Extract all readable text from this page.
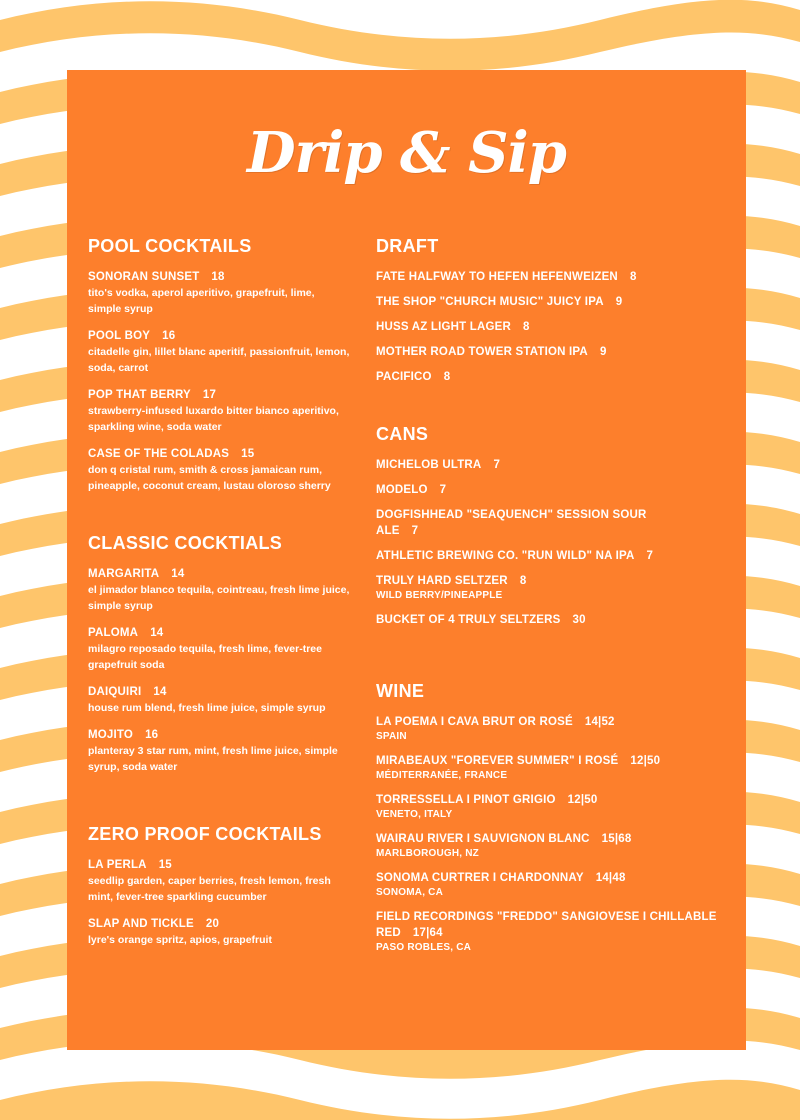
Drip & Sip
POOL COCKTAILS
SONORAN SUNSET 18
tito's vodka, aperol aperitivo, grapefruit, lime, simple syrup
POOL BOY 16
citadelle gin, lillet blanc aperitif, passionfruit, lemon, soda, carrot
POP THAT BERRY 17
strawberry-infused luxardo bitter bianco aperitivo, sparkling wine, soda water
CASE OF THE COLADAS 15
don q cristal rum, smith & cross jamaican rum, pineapple, coconut cream, lustau oloroso sherry
CLASSIC COCKTIALS
MARGARITA 14
el jimador blanco tequila, cointreau, fresh lime juice, simple syrup
PALOMA 14
milagro reposado tequila, fresh lime, fever-tree grapefruit soda
DAIQUIRI 14
house rum blend, fresh lime juice, simple syrup
MOJITO 16
planteray 3 star rum, mint, fresh lime juice, simple syrup, soda water
ZERO PROOF COCKTAILS
LA PERLA 15
seedlip garden, caper berries, fresh lemon, fresh mint, fever-tree sparkling cucumber
SLAP AND TICKLE 20
lyre's orange spritz, apios, grapefruit
DRAFT
FATE HALFWAY TO HEFEN HEFENWEIZEN 8
THE SHOP "CHURCH MUSIC" JUICY IPA 9
HUSS AZ LIGHT LAGER 8
MOTHER ROAD TOWER STATION IPA 9
PACIFICO 8
CANS
MICHELOB ULTRA 7
MODELO 7
DOGFISHHEAD "SEAQUENCH" SESSION SOUR ALE 7
ATHLETIC BREWING CO. "RUN WILD" NA IPA 7
TRULY HARD SELTZER 8
WILD BERRY/PINEAPPLE
BUCKET OF 4 TRULY SELTZERS 30
WINE
LA POEMA I CAVA BRUT OR ROSÉ 14|52
SPAIN
MIRABEAUX "FOREVER SUMMER" I ROSÉ 12|50
MÉDITERRANÉE, FRANCE
TORRESSELLA I PINOT GRIGIO 12|50
VENETO, ITALY
WAIRAU RIVER I SAUVIGNON BLANC 15|68
MARLBOROUGH, NZ
SONOMA CURTRER I CHARDONNAY 14|48
SONOMA, CA
FIELD RECORDINGS "FREDDO" SANGIOVESE I CHILLABLE RED 17|64
PASO ROBLES, CA
